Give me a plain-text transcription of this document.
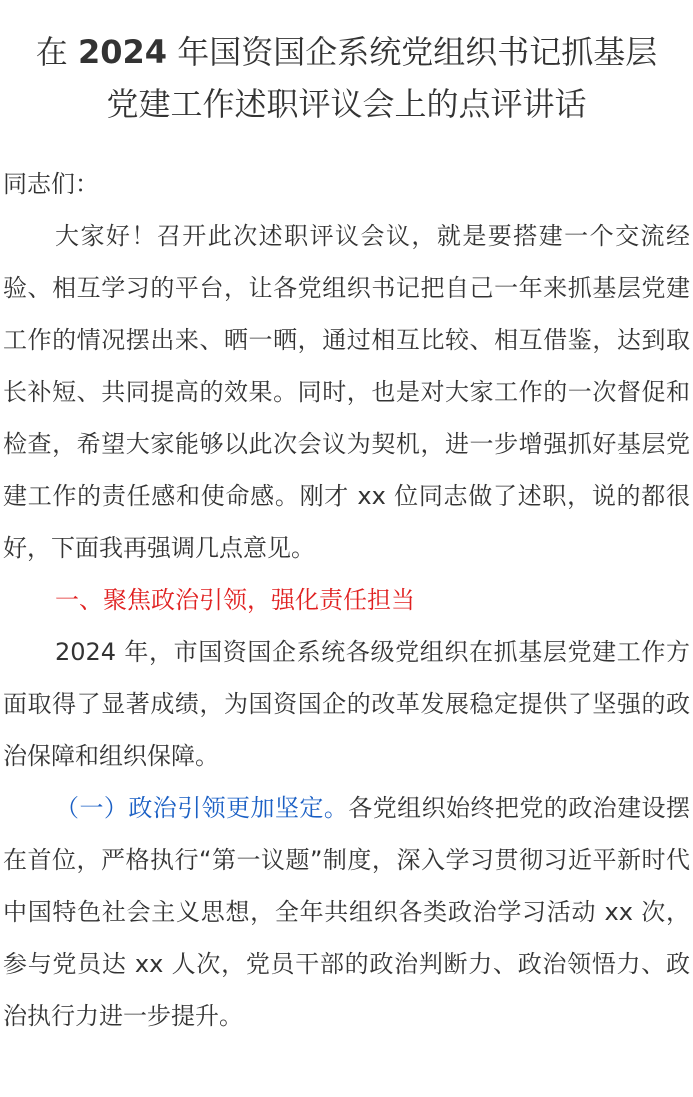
在 2024 年国资国企系统党组织书记抓基层
党建工作述职评议会上的点评讲话

同志们：

大家好！召开此次述职评议会议，就是要搭建一个交流经验、相互学习的平台，让各党组织书记把自己一年来抓基层党建工作的情况摆出来、晒一晒，通过相互比较、相互借鉴，达到取长补短、共同提高的效果。同时，也是对大家工作的一次督促和检查，希望大家能够以此次会议为契机，进一步增强抓好基层党建工作的责任感和使命感。刚才 xx 位同志做了述职，说的都很好，下面我再强调几点意见。

一、聚焦政治引领，强化责任担当

2024 年，市国资国企系统各级党组织在抓基层党建工作方面取得了显著成绩，为国资国企的改革发展稳定提供了坚强的政治保障和组织保障。

（一）政治引领更加坚定。各党组织始终把党的政治建设摆在首位，严格执行“第一议题”制度，深入学习贯彻习近平新时代中国特色社会主义思想，全年共组织各类政治学习活动 xx 次，参与党员达 xx 人次，党员干部的政治判断力、政治领悟力、政治执行力进一步提升。
